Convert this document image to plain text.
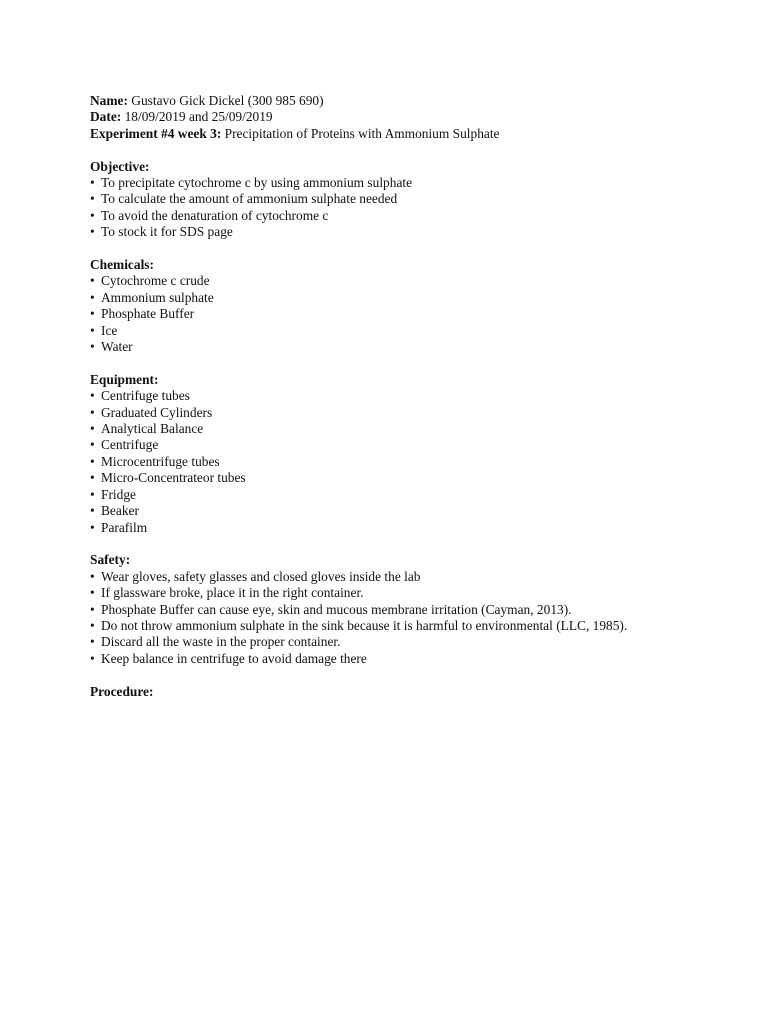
Name: Gustavo Gick Dickel (300 985 690)
Date: 18/09/2019 and 25/09/2019
Experiment #4 week 3: Precipitation of Proteins with Ammonium Sulphate
Objective:
• To precipitate cytochrome c by using ammonium sulphate
• To calculate the amount of ammonium sulphate needed
• To avoid the denaturation of cytochrome c
• To stock it for SDS page
Chemicals:
• Cytochrome c crude
• Ammonium sulphate
• Phosphate Buffer
• Ice
• Water
Equipment:
• Centrifuge tubes
• Graduated Cylinders
• Analytical Balance
• Centrifuge
• Microcentrifuge tubes
• Micro-Concentrateor tubes
• Fridge
• Beaker
• Parafilm
Safety:
• Wear gloves, safety glasses and closed gloves inside the lab
• If glassware broke, place it in the right container.
• Phosphate Buffer can cause eye, skin and mucous membrane irritation (Cayman, 2013).
• Do not throw ammonium sulphate in the sink because it is harmful to environmental (LLC, 1985).
• Discard all the waste in the proper container.
• Keep balance in centrifuge to avoid damage there
Procedure:
